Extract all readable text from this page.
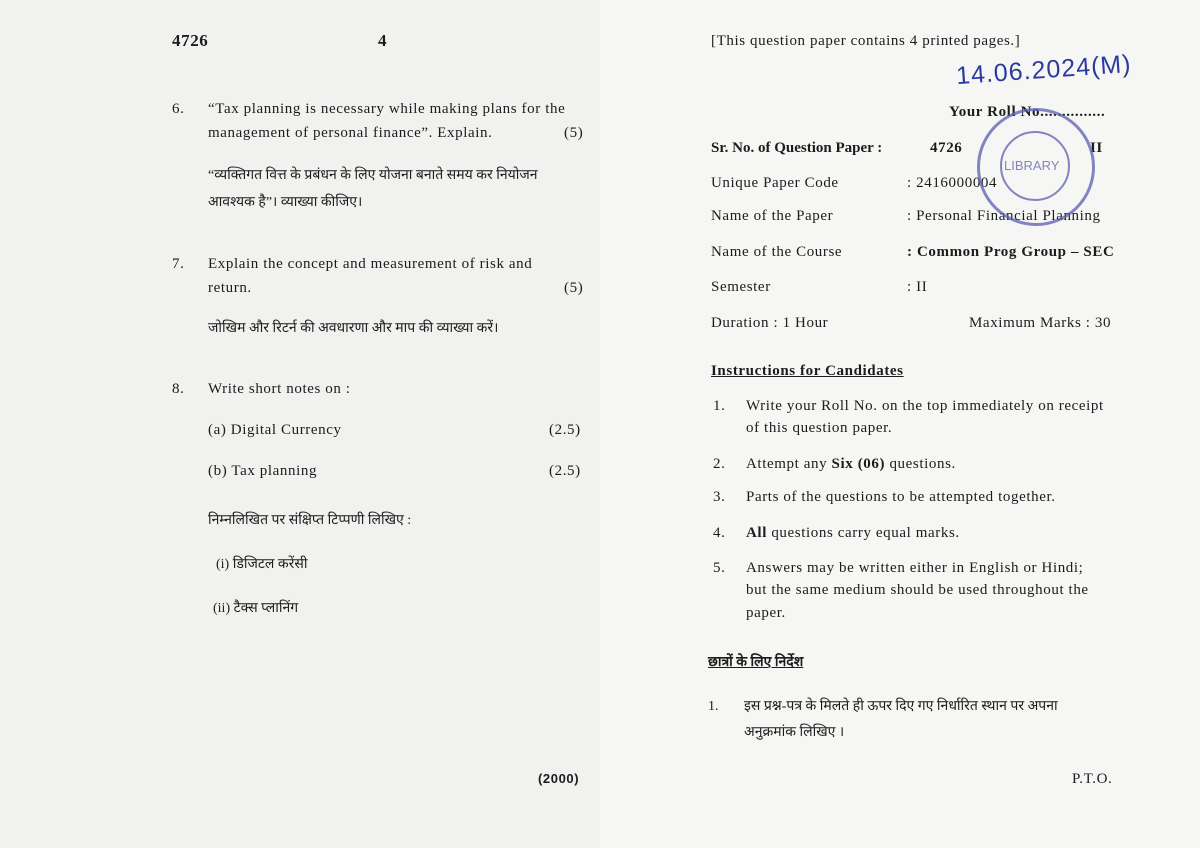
4726	4
6. “Tax planning is necessary while making plans for the
management of personal finance”. Explain.	(5)
“व्यक्तिगत वित्त के प्रबंधन के लिए योजना बनाते समय कर नियोजन
आवश्यक है”। व्याख्या कीजिए।
7. Explain the concept and measurement of risk and
return.	(5)
जोखिम और रिटर्न की अवधारणा और माप की व्याख्या करें।
8. Write short notes on :
(a) Digital Currency	(2.5)
(b) Tax planning	(2.5)
निम्नलिखित पर संक्षिप्त टिप्पणी लिखिए :
(i) डिजिटल करेंसी
(ii) टैक्स प्लानिंग
(2000)
[This question paper contains 4 printed pages.]
14.06.2024(M)
Your Roll No...............
Sr. No. of Question Paper :	4726	II
Unique Paper Code	: 2416000004
Name of the Paper	: Personal Financial Planning
Name of the Course	: Common Prog Group – SEC
Semester	: II
Duration : 1 Hour	Maximum Marks : 30
LIBRARY
Instructions for Candidates
1. Write your Roll No. on the top immediately on receipt
of this question paper.
2. Attempt any Six (06) questions.
3. Parts of the questions to be attempted together.
4. All questions carry equal marks.
5. Answers may be written either in English or Hindi;
but the same medium should be used throughout the
paper.
छात्रों के लिए निर्देश
1. इस प्रश्न-पत्र के मिलते ही ऊपर दिए गए निर्धारित स्थान पर अपना
अनुक्रमांक लिखिए ।
P.T.O.
